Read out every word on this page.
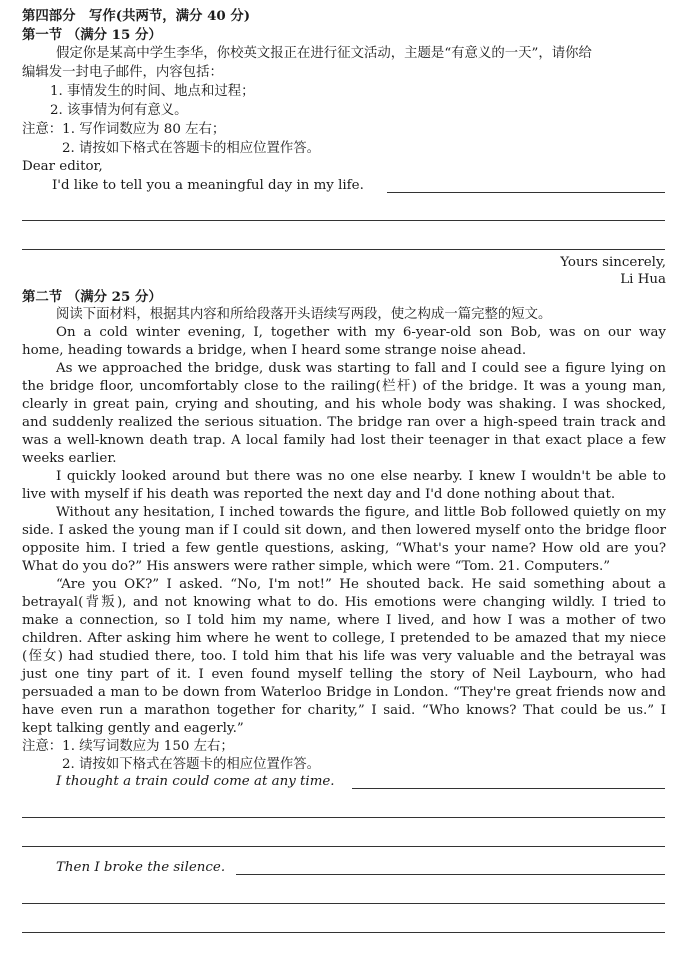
第四部分　写作(共两节，满分 40 分)
第一节 （满分 15 分）
假定你是某高中学生李华，你校英文报正在进行征文活动，主题是“有意义的一天”，请你给
编辑发一封电子邮件，内容包括：
1. 事情发生的时间、地点和过程；
2. 该事情为何有意义。
注意：1. 写作词数应为 80 左右；
2. 请按如下格式在答题卡的相应位置作答。
Dear editor,
I'd like to tell you a meaningful day in my life.
Yours sincerely,
Li Hua
第二节 （满分 25 分）
阅读下面材料，根据其内容和所给段落开头语续写两段，使之构成一篇完整的短文。
On a cold winter evening, I, together with my 6-year-old son Bob, was on our way
home, heading towards a bridge, when I heard some strange noise ahead.
As we approached the bridge, dusk was starting to fall and I could see a figure lying on
the bridge floor, uncomfortably close to the railing(栏杆) of the bridge. It was a young man,
clearly in great pain, crying and shouting, and his whole body was shaking. I was shocked,
and suddenly realized the serious situation. The bridge ran over a high-speed train track and
was a well-known death trap. A local family had lost their teenager in that exact place a few
weeks earlier.
I quickly looked around but there was no one else nearby. I knew I wouldn't be able to
live with myself if his death was reported the next day and I'd done nothing about that.
Without any hesitation, I inched towards the figure, and little Bob followed quietly on my
side. I asked the young man if I could sit down, and then lowered myself onto the bridge floor
opposite him. I tried a few gentle questions, asking, “What's your name? How old are you?
What do you do?” His answers were rather simple, which were “Tom. 21. Computers.”
“Are you OK?” I asked. “No, I'm not!” He shouted back. He said something about a
betrayal(背叛), and not knowing what to do. His emotions were changing wildly. I tried to
make a connection, so I told him my name, where I lived, and how I was a mother of two
children. After asking him where he went to college, I pretended to be amazed that my niece
(侄女) had studied there, too. I told him that his life was very valuable and the betrayal was
just one tiny part of it. I even found myself telling the story of Neil Laybourn, who had
persuaded a man to be down from Waterloo Bridge in London. “They're great friends now and
have even run a marathon together for charity,” I said. “Who knows? That could be us.” I
kept talking gently and eagerly.”
注意：1. 续写词数应为 150 左右；
2. 请按如下格式在答题卡的相应位置作答。
I thought a train could come at any time.
Then I broke the silence.
